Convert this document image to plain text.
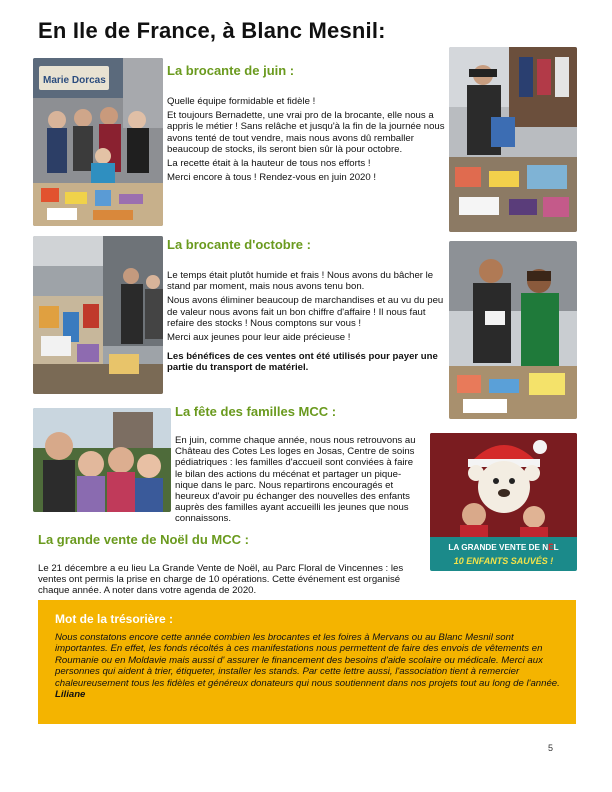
En Ile de France, à Blanc Mesnil:
Marie Dorcas
La brocante de juin :

Quelle équipe formidable et fidèle !

Et toujours Bernadette, une vrai pro de la brocante, elle nous a appris le métier ! Sans relâche et jusqu'à la fin de la journée nous avons tenté de tout vendre, mais nous avons dû remballer beaucoup de stocks, ils seront bien sûr là pour octobre.

La recette était à la hauteur de tous nos efforts !

Merci encore à tous ! Rendez-vous en juin 2020 !

La brocante d'octobre :

Le temps était plutôt humide et frais ! Nous avons du bâcher le stand par moment, mais nous avons tenu bon.

Nous avons éliminer beaucoup de marchandises et au vu du peu de valeur nous avons fait un bon chiffre d'affaire ! Il nous faut refaire des stocks ! Nous comptons sur vous !

Merci aux jeunes pour leur aide précieuse !

Les bénéfices de ces ventes ont été utilisés pour payer une partie du transport de matériel.

La fête des familles MCC :
En juin, comme chaque année, nous nous retrouvons au Château des Cotes Les loges en Josas, Centre de soins pédiatriques : les familles d'accueil sont conviées à faire le bilan des actions du mécénat et partager un pique-nique dans le parc. Nous repartirons encouragés et heureux d'avoir pu échanger des nouvelles des enfants auprès des familles ayant accueilli les jeunes que nous connaissons.
LA GRANDE VENTE DE NËL
10 ENFANTS SAUVÉS !
La grande vente de Noël du MCC :
Le 21 décembre a eu lieu La Grande Vente de Noël, au Parc Floral de Vincennes : les ventes ont permis la prise en charge de 10 opérations. Cette événement est organisé chaque année. A noter dans votre agenda de 2020.
Mot de la trésorière :
Nous constatons encore cette année combien les brocantes et les foires à Mervans ou au Blanc Mesnil sont importantes. En effet, les fonds récoltés à ces manifestations nous permettent de faire des envois de vêtements en Roumanie ou en Moldavie mais aussi d' assurer le financement des besoins d'aide scolaire ou médicale. Merci aux personnes qui aident à trier, étiqueter, installer les stands. Par cette lettre aussi, l'association tient à remercier chaleureusement tous les fidèles et généreux donateurs qui nous soutiennent dans nos projets tout au long de l'année. Liliane
5
